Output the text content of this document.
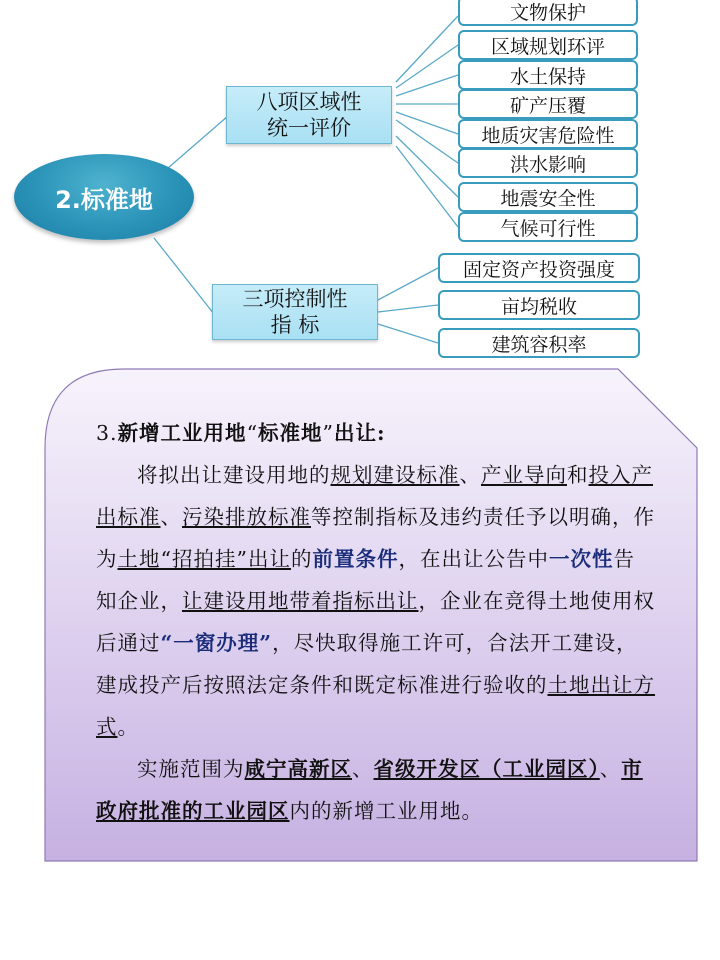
2.标准地
八项区域性统一评价
三项控制性指 标
文物保护
区域规划环评
水土保持
矿产压覆
地质灾害危险性
洪水影响
地震安全性
气候可行性
固定资产投资强度
亩均税收
建筑容积率

3.新增工业用地“标准地”出让:

将拟出让建设用地的规划建设标准、产业导向和投入产出标准、污染排放标准等控制指标及违约责任予以明确，作为土地“招拍挂”出让的前置条件，在出让公告中一次性告知企业，让建设用地带着指标出让，企业在竞得土地使用权后通过“一窗办理”，尽快取得施工许可，合法开工建设，建成投产后按照法定条件和既定标准进行验收的土地出让方式。

实施范围为咸宁高新区、省级开发区（工业园区）、市政府批准的工业园区内的新增工业用地。
